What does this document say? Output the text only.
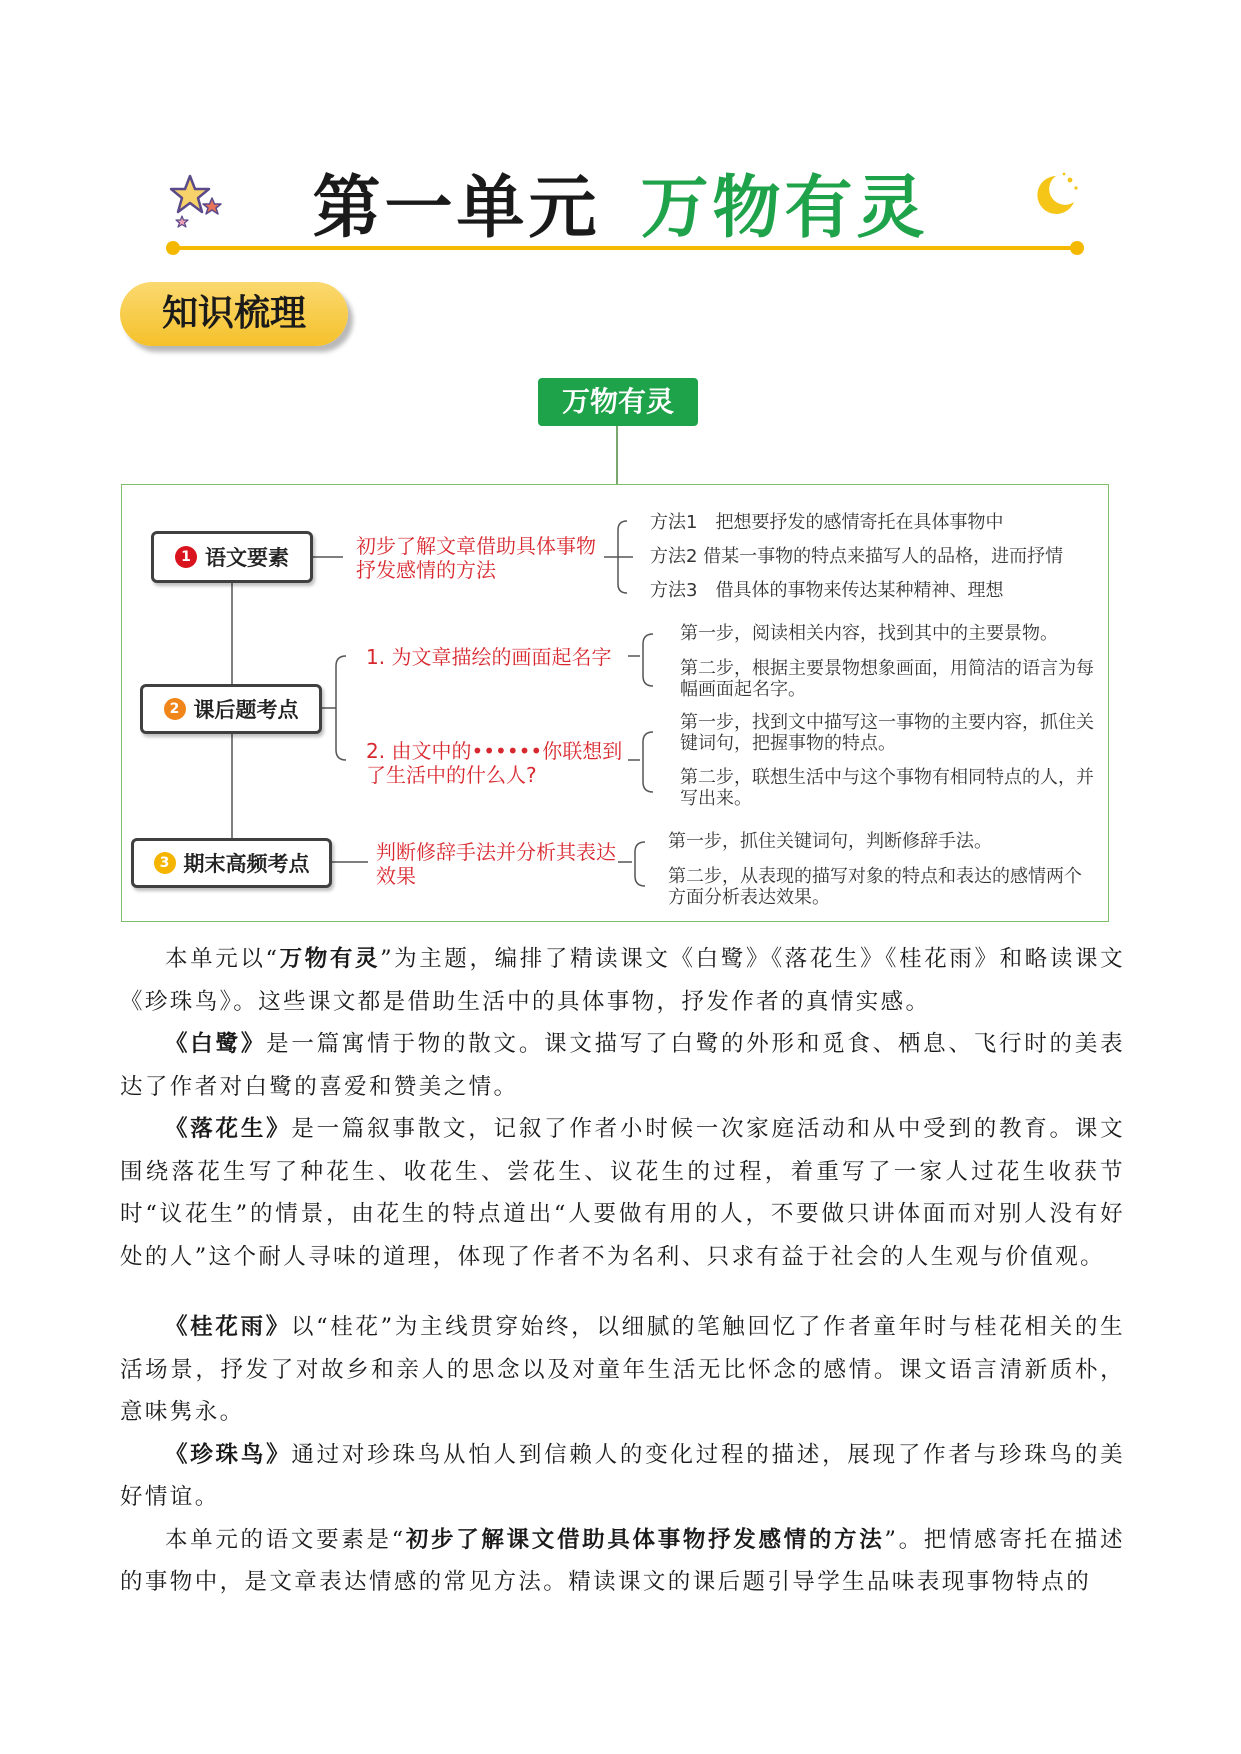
第一单元 万物有灵
知识梳理
万物有灵
1 语文要素	初步了解文章借助具体事物抒发感情的方法
方法1　把想要抒发的感情寄托在具体事物中
方法2 借某一事物的特点来描写人的品格，进而抒情
方法3　借具体的事物来传达某种精神、理想
2 课后题考点
1. 为文章描绘的画面起名字
第一步，阅读相关内容，找到其中的主要景物。
第二步，根据主要景物想象画面，用简洁的语言为每幅画面起名字。
2. 由文中的••••••你联想到了生活中的什么人?
第一步，找到文中描写这一事物的主要内容，抓住关键词句，把握事物的特点。
第二步，联想生活中与这个事物有相同特点的人，并写出来。
3 期末高频考点	判断修辞手法并分析其表达效果
第一步，抓住关键词句，判断修辞手法。
第二步，从表现的描写对象的特点和表达的感情两个方面分析表达效果。

本单元以“万物有灵”为主题，编排了精读课文《白鹭》《落花生》《桂花雨》和略读课文《珍珠鸟》。这些课文都是借助生活中的具体事物，抒发作者的真情实感。

《白鹭》是一篇寓情于物的散文。课文描写了白鹭的外形和觅食、栖息、飞行时的美表达了作者对白鹭的喜爱和赞美之情。

《落花生》是一篇叙事散文，记叙了作者小时候一次家庭活动和从中受到的教育。课文围绕落花生写了种花生、收花生、尝花生、议花生的过程，着重写了一家人过花生收获节时“议花生”的情景，由花生的特点道出“人要做有用的人，不要做只讲体面而对别人没有好处的人”这个耐人寻味的道理，体现了作者不为名利、只求有益于社会的人生观与价值观。

《桂花雨》以“桂花”为主线贯穿始终，以细腻的笔触回忆了作者童年时与桂花相关的生活场景，抒发了对故乡和亲人的思念以及对童年生活无比怀念的感情。课文语言清新质朴，意味隽永。

《珍珠鸟》通过对珍珠鸟从怕人到信赖人的变化过程的描述，展现了作者与珍珠鸟的美好情谊。

本单元的语文要素是“初步了解课文借助具体事物抒发感情的方法”。把情感寄托在描述的事物中，是文章表达情感的常见方法。精读课文的课后题引导学生品味表现事物特点的
